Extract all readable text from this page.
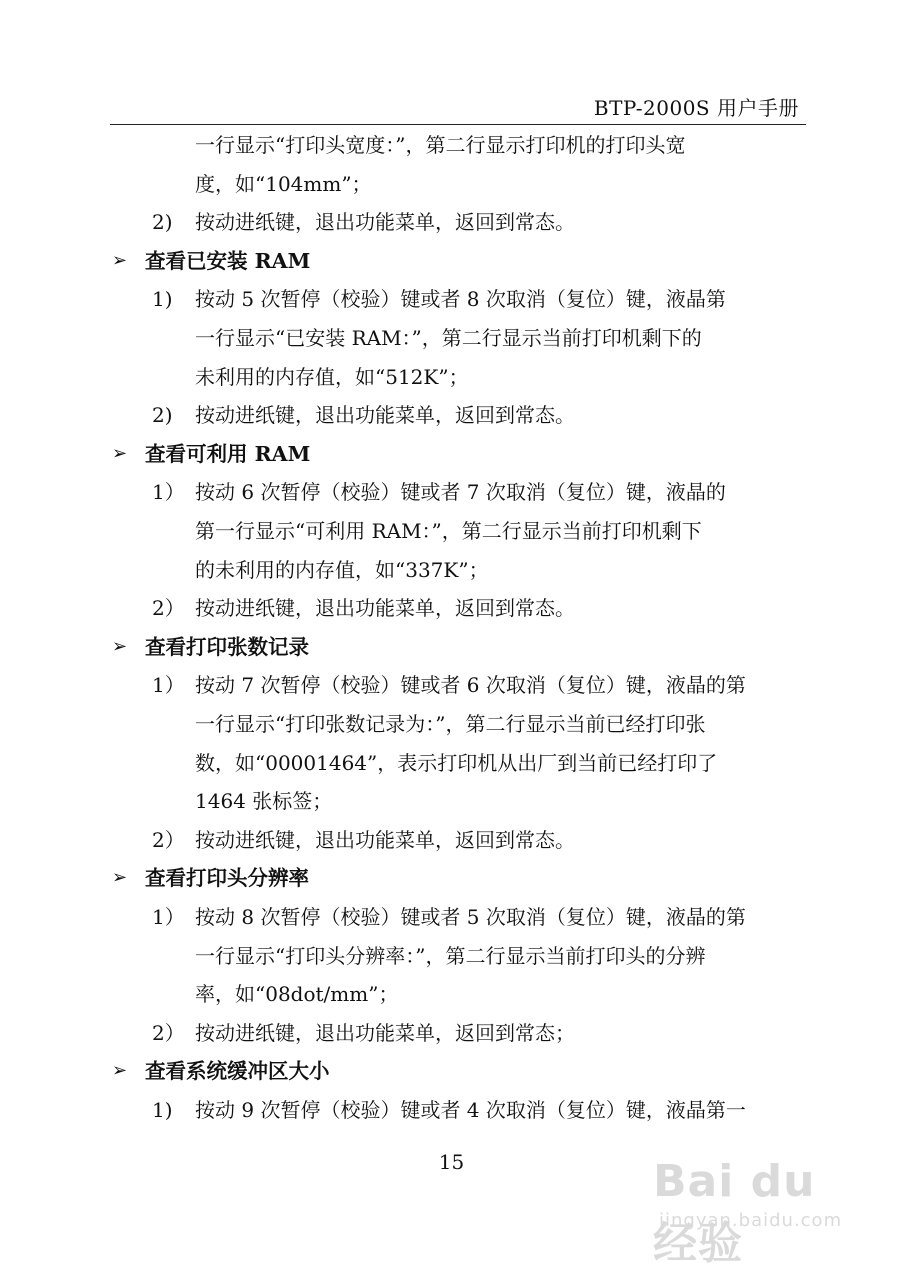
BTP-2000S 用户手册
一行显示“打印头宽度：”，第二行显示打印机的打印头宽
度，如“104mm”；
2) 按动进纸键，退出功能菜单，返回到常态。
➢ 查看已安装 RAM
1) 按动 5 次暂停（校验）键或者 8 次取消（复位）键，液晶第
一行显示“已安装 RAM：”，第二行显示当前打印机剩下的
未利用的内存值，如“512K”；
2) 按动进纸键，退出功能菜单，返回到常态。
➢ 查看可利用 RAM
1） 按动 6 次暂停（校验）键或者 7 次取消（复位）键，液晶的
第一行显示“可利用 RAM：”，第二行显示当前打印机剩下
的未利用的内存值，如“337K”；
2） 按动进纸键，退出功能菜单，返回到常态。
➢ 查看打印张数记录
1） 按动 7 次暂停（校验）键或者 6 次取消（复位）键，液晶的第
一行显示“打印张数记录为：”，第二行显示当前已经打印张
数，如“00001464”，表示打印机从出厂到当前已经打印了
1464 张标签；
2） 按动进纸键，退出功能菜单，返回到常态。
➢ 查看打印头分辨率
1） 按动 8 次暂停（校验）键或者 5 次取消（复位）键，液晶的第
一行显示“打印头分辨率：”，第二行显示当前打印头的分辨
率，如“08dot/mm”；
2） 按动进纸键，退出功能菜单，返回到常态；
➢ 查看系统缓冲区大小
1) 按动 9 次暂停（校验）键或者 4 次取消（复位）键，液晶第一
15	Bai du 经验
jingyan.baidu.com
